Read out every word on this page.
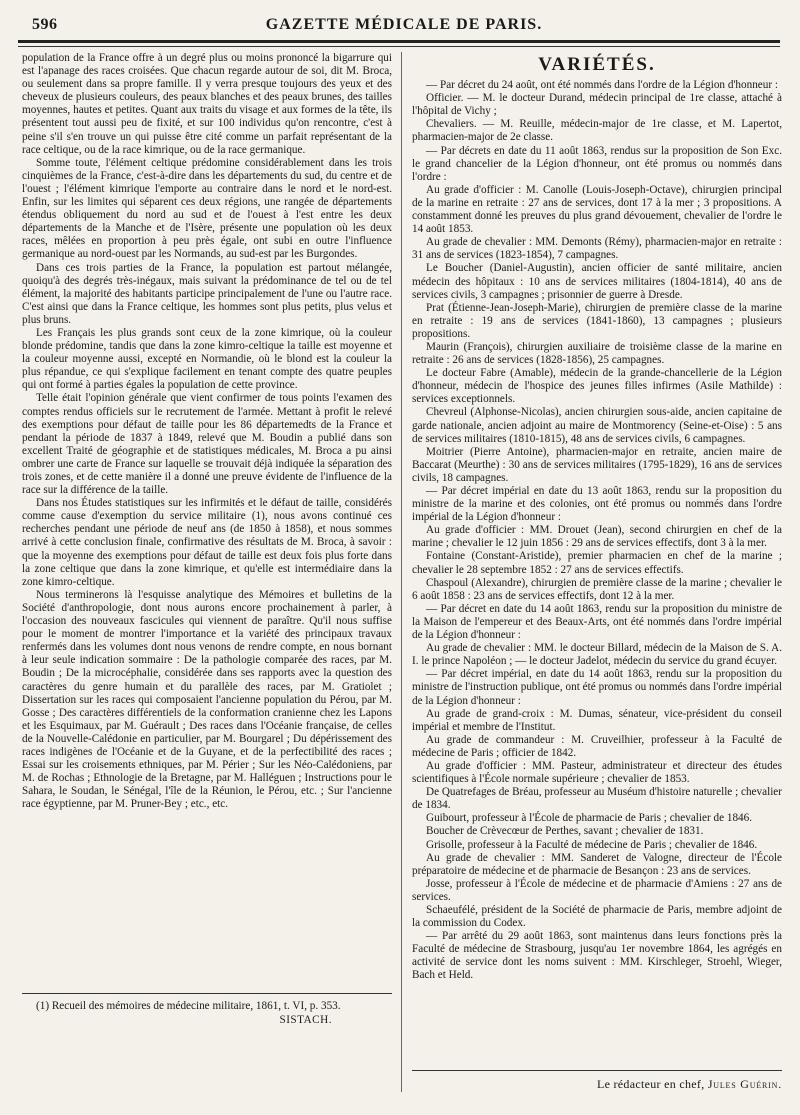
596	GAZETTE MÉDICALE DE PARIS.

population de la France offre à un degré plus ou moins prononcé la bigarrure qui est l'apanage des races croisées. Que chacun regarde autour de soi, dit M. Broca, ou seulement dans sa propre famille. Il y verra presque toujours des yeux et des cheveux de plusieurs couleurs, des peaux blanches et des peaux brunes, des tailles moyennes, hautes et petites. Quant aux traits du visage et aux formes de la tête, ils présentent tout aussi peu de fixité, et sur 100 individus qu'on rencontre, c'est à peine s'il s'en trouve un qui puisse être cité comme un parfait représentant de la race celtique, ou de la race kimrique, ou de la race germanique.

Somme toute, l'élément celtique prédomine considérablement dans les trois cinquièmes de la France, c'est-à-dire dans les départements du sud, du centre et de l'ouest ; l'élément kimrique l'emporte au contraire dans le nord et le nord-est. Enfin, sur les limites qui séparent ces deux régions, une rangée de départements étendus obliquement du nord au sud et de l'ouest à l'est entre les deux départements de la Manche et de l'Isère, présente une population où les deux races, mêlées en proportion à peu près égale, ont subi en outre l'influence germanique au nord-ouest par les Normands, au sud-est par les Burgondes.

Dans ces trois parties de la France, la population est partout mélangée, quoiqu'à des degrés très-inégaux, mais suivant la prédominance de tel ou de tel élément, la majorité des habitants participe principalement de l'une ou l'autre race. C'est ainsi que dans la France celtique, les hommes sont plus petits, plus velus et plus bruns.

Les Français les plus grands sont ceux de la zone kimrique, où la couleur blonde prédomine, tandis que dans la zone kimro-celtique la taille est moyenne et la couleur moyenne aussi, excepté en Normandie, où le blond est la couleur la plus répandue, ce qui s'explique facilement en tenant compte des quatre peuples qui ont formé à parties égales la population de cette province.

Telle était l'opinion générale que vient confirmer de tous points l'examen des comptes rendus officiels sur le recrutement de l'armée. Mettant à profit le relevé des exemptions pour défaut de taille pour les 86 départemedts de la France et pendant la période de 1837 à 1849, relevé que M. Boudin a publié dans son excellent Traité de géographie et de statistiques médicales, M. Broca a pu ainsi ombrer une carte de France sur laquelle se trouvait déjà indiquée la séparation des trois zones, et de cette manière il a donné une preuve évidente de l'influence de la race sur la différence de la taille.

Dans nos Études statistiques sur les infirmités et le défaut de taille, considérés comme cause d'exemption du service militaire (1), nous avons continué ces recherches pendant une période de neuf ans (de 1850 à 1858), et nous sommes arrivé à cette conclusion finale, confirmative des résultats de M. Broca, à savoir : que la moyenne des exemptions pour défaut de taille est deux fois plus forte dans la zone celtique que dans la zone kimrique, et qu'elle est intermédiaire dans la zone kimro-celtique.

Nous terminerons là l'esquisse analytique des Mémoires et bulletins de la Société d'anthropologie, dont nous aurons encore prochainement à parler, à l'occasion des nouveaux fascicules qui viennent de paraître. Qu'il nous suffise pour le moment de montrer l'importance et la variété des principaux travaux renfermés dans les volumes dont nous venons de rendre compte, en nous bornant à leur seule indication sommaire : De la pathologie comparée des races, par M. Boudin ; De la microcéphalie, considérée dans ses rapports avec la question des caractères du genre humain et du parallèle des races, par M. Gratiolet ; Dissertation sur les races qui composaient l'ancienne population du Pérou, par M. Gosse ; Des caractères différentiels de la conformation cranienne chez les Lapons et les Esquimaux, par M. Guérault ; Des races dans l'Océanie française, de celles de la Nouvelle-Calédonie en particulier, par M. Bourgarel ; Du dépérissement des races indigènes de l'Océanie et de la Guyane, et de la perfectibilité des races ; Essai sur les croisements ethniques, par M. Périer ; Sur les Néo-Calédoniens, par M. de Rochas ; Ethnologie de la Bretagne, par M. Halléguen ; Instructions pour le Sahara, le Soudan, le Sénégal, l'île de la Réunion, le Pérou, etc. ; Sur l'ancienne race égyptienne, par M. Pruner-Bey ; etc., etc.

(1) Recueil des mémoires de médecine militaire, 1861, t. VI, p. 353.
SISTACH.
VARIÉTÉS.

— Par décret du 24 août, ont été nommés dans l'ordre de la Légion d'honneur :

Officier. — M. le docteur Durand, médecin principal de 1re classe, attaché à l'hôpital de Vichy ;

Chevaliers. — M. Reuille, médecin-major de 1re classe, et M. Lapertot, pharmacien-major de 2e classe.

— Par décrets en date du 11 août 1863, rendus sur la proposition de Son Exc. le grand chancelier de la Légion d'honneur, ont été promus ou nommés dans l'ordre :

Au grade d'officier : M. Canolle (Louis-Joseph-Octave), chirurgien principal de la marine en retraite : 27 ans de services, dont 17 à la mer ; 3 propositions. A constamment donné les preuves du plus grand dévouement, chevalier de l'ordre le 14 août 1853.

Au grade de chevalier : MM. Demonts (Rémy), pharmacien-major en retraite : 31 ans de services (1823-1854), 7 campagnes.

Le Boucher (Daniel-Augustin), ancien officier de santé militaire, ancien médecin des hôpitaux : 10 ans de services militaires (1804-1814), 40 ans de services civils, 3 campagnes ; prisonnier de guerre à Dresde.

Prat (Étienne-Jean-Joseph-Marie), chirurgien de première classe de la marine en retraite : 19 ans de services (1841-1860), 13 campagnes ; plusieurs propositions.

Maurin (François), chirurgien auxiliaire de troisième classe de la marine en retraite : 26 ans de services (1828-1856), 25 campagnes.

Le docteur Fabre (Amable), médecin de la grande-chancellerie de la Légion d'honneur, médecin de l'hospice des jeunes filles infirmes (Asile Mathilde) : services exceptionnels.

Chevreul (Alphonse-Nicolas), ancien chirurgien sous-aide, ancien capitaine de garde nationale, ancien adjoint au maire de Montmorency (Seine-et-Oise) : 5 ans de services militaires (1810-1815), 48 ans de services civils, 6 campagnes.

Moitrier (Pierre Antoine), pharmacien-major en retraite, ancien maire de Baccarat (Meurthe) : 30 ans de services militaires (1795-1829), 16 ans de services civils, 18 campagnes.

— Par décret impérial en date du 13 août 1863, rendu sur la proposition du ministre de la marine et des colonies, ont été promus ou nommés dans l'ordre impérial de la Légion d'honneur :

Au grade d'officier : MM. Drouet (Jean), second chirurgien en chef de la marine ; chevalier le 12 juin 1856 : 29 ans de services effectifs, dont 3 à la mer.

Fontaine (Constant-Aristide), premier pharmacien en chef de la marine ; chevalier le 28 septembre 1852 : 27 ans de services effectifs.

Chaspoul (Alexandre), chirurgien de première classe de la marine ; chevalier le 6 août 1858 : 23 ans de services effectifs, dont 12 à la mer.

— Par décret en date du 14 août 1863, rendu sur la proposition du ministre de la Maison de l'empereur et des Beaux-Arts, ont été nommés dans l'ordre impérial de la Légion d'honneur :

Au grade de chevalier : MM. le docteur Billard, médecin de la Maison de S. A. I. le prince Napoléon ; — le docteur Jadelot, médecin du service du grand écuyer.

— Par décret impérial, en date du 14 août 1863, rendu sur la proposition du ministre de l'instruction publique, ont été promus ou nommés dans l'ordre impérial de la Légion d'honneur :

Au grade de grand-croix : M. Dumas, sénateur, vice-président du conseil impérial et membre de l'Institut.

Au grade de commandeur : M. Cruveilhier, professeur à la Faculté de médecine de Paris ; officier de 1842.

Au grade d'officier : MM. Pasteur, administrateur et directeur des études scientifiques à l'École normale supérieure ; chevalier de 1853.

De Quatrefages de Bréau, professeur au Muséum d'histoire naturelle ; chevalier de 1834.

Guibourt, professeur à l'École de pharmacie de Paris ; chevalier de 1846.

Boucher de Crèvecœur de Perthes, savant ; chevalier de 1831.

Grisolle, professeur à la Faculté de médecine de Paris ; chevalier de 1846.

Au grade de chevalier : MM. Sanderet de Valogne, directeur de l'École préparatoire de médecine et de pharmacie de Besançon : 23 ans de services.

Josse, professeur à l'École de médecine et de pharmacie d'Amiens : 27 ans de services.

Schaeufélé, président de la Société de pharmacie de Paris, membre adjoint de la commission du Codex.

— Par arrêté du 29 août 1863, sont maintenus dans leurs fonctions près la Faculté de médecine de Strasbourg, jusqu'au 1er novembre 1864, les agrégés en activité de service dont les noms suivent : MM. Kirschleger, Stroehl, Wieger, Bach et Held.

Le rédacteur en chef, Jules Guérin.
